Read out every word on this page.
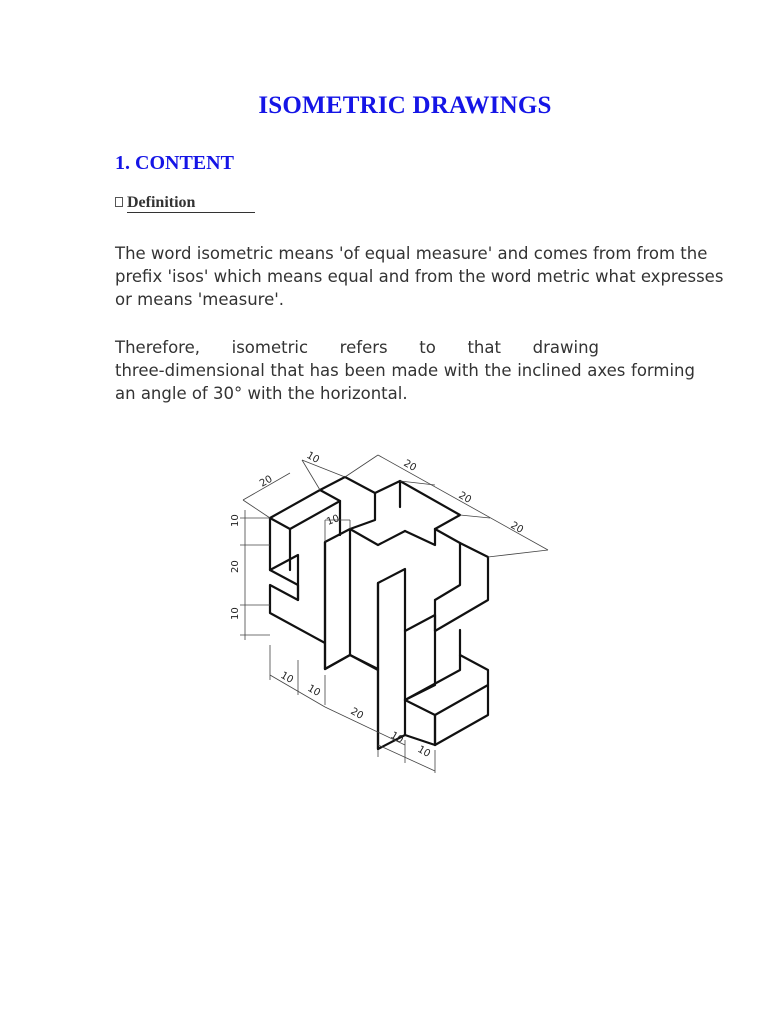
ISOMETRIC DRAWINGS
1. CONTENT
Definition

The word isometric means 'of equal measure' and comes from from the prefix 'isos' which means equal and from the word metric what expresses or means 'measure'.

Therefore, isometric refers to that drawing
three-dimensional that has been made with the inclined axes forming an angle of 30° with the horizontal.

20
10
20
20
20
10
10
20
10
10
10
20
10
10
